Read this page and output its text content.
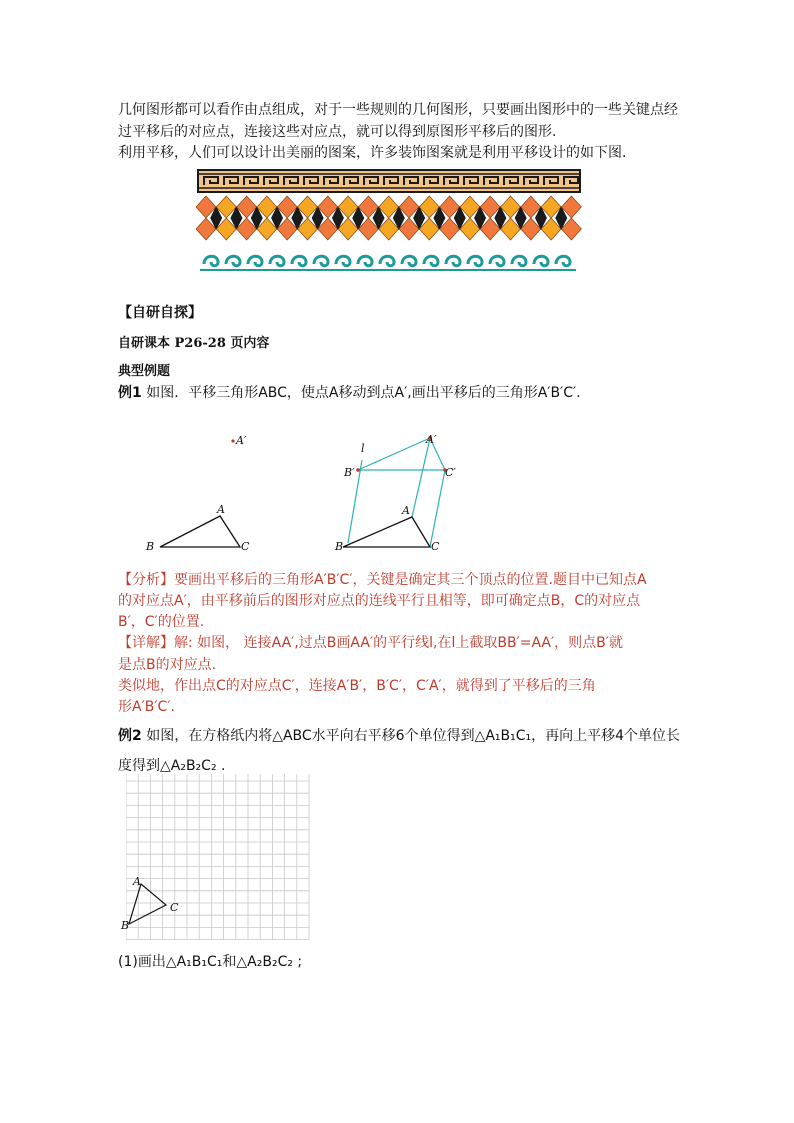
几何图形都可以看作由点组成，对于一些规则的几何图形，只要画出图形中的一些关键点经
过平移后的对应点，连接这些对应点，就可以得到原图形平移后的图形.
利用平移，人们可以设计出美丽的图案，许多装饰图案就是利用平移设计的如下图.
【自研自探】
自研课本 P26-28 页内容
典型例题
例1 如图．平移三角形ABC，使点A移动到点A′,画出平移后的三角形A′B′C′.
A′
A
B	C
l
A′
B′	C′
A
B	C
【分析】要画出平移后的三角形A′B′C′，关键是确定其三个顶点的位置.题目中已知点A
的对应点A′，由平移前后的图形对应点的连线平行且相等，即可确定点B，C的对应点
B′，C′的位置.
【详解】解: 如图， 连接AA′,过点B画AA′的平行线l,在l上截取BB′=AA′，则点B′就
是点B的对应点.
类似地，作出点C的对应点C′，连接A′B′，B′C′，C′A′，就得到了平移后的三角
形A′B′C′.
例2 如图，在方格纸内将△ABC水平向右平移6个单位得到△A₁B₁C₁，再向上平移4个单位长
度得到△A₂B₂C₂ .
A
B
C
(1)画出△A₁B₁C₁和△A₂B₂C₂ ;
